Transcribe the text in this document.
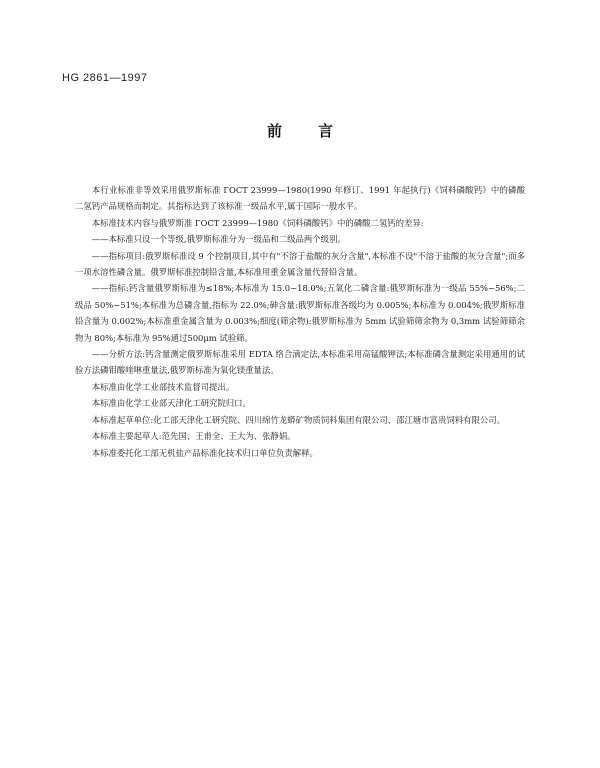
HG 2861—1997
前言

本行业标准非等效采用俄罗斯标准 ГОСТ 23999—1980(1990 年修订、1991 年起执行)《饲料磷酸钙》中的磷酸二氢钙产品规格而制定。其指标达到了该标准一级品水平,属于国际一般水平。

本标准技术内容与俄罗斯准 ГОСТ 23999—1980《饲料磷酸钙》中的磷酸二氢钙的差异:

——本标准只设一个等级,俄罗斯标准分为一级品和二级品两个级别。

——指标项目:俄罗斯标准设 9 个控制项目,其中有"不溶于盐酸的灰分含量",本标准不设"不溶于盐酸的灰分含量";而多一项水溶性磷含量。俄罗斯标准控制铅含量,本标准用重金属含量代替铅含量。

——指标:钙含量俄罗斯标准为≤18%;本标准为 15.0~18.0%;五氧化二磷含量:俄罗斯标准为一级品 55%~56%;二级品 50%~51%;本标准为总磷含量,指标为 22.0%;砷含量:俄罗斯标准各级均为 0.005%;本标准为 0.004%;俄罗斯标准铅含量为 0.002%;本标准重金属含量为 0.003%;细度(筛余物):俄罗斯标准为 5mm 试验筛筛余物为 0,3mm 试验筛筛余物为 80%;本标准为 95%通过500μm 试验筛。

——分析方法:钙含量测定俄罗斯标准采用 EDTA 络合滴定法,本标准采用高锰酸钾法;本标准磷含量测定采用通用的试验方法磷钼酸喹啉重量法,俄罗斯标准为氧化镁重量法。

本标准由化学工业部技术监督司提出。

本标准由化学工业部天津化工研究院归口。

本标准起草单位:化工部天津化工研究院、四川绵竹龙蟒矿物质饲料集团有限公司、邵江塘市富贵饲料有限公司。

本标准主要起草人:范先国、王甫全、王大为、张静娟。

本标准委托化工部无机盐产品标准化技术归口单位负责解释。
